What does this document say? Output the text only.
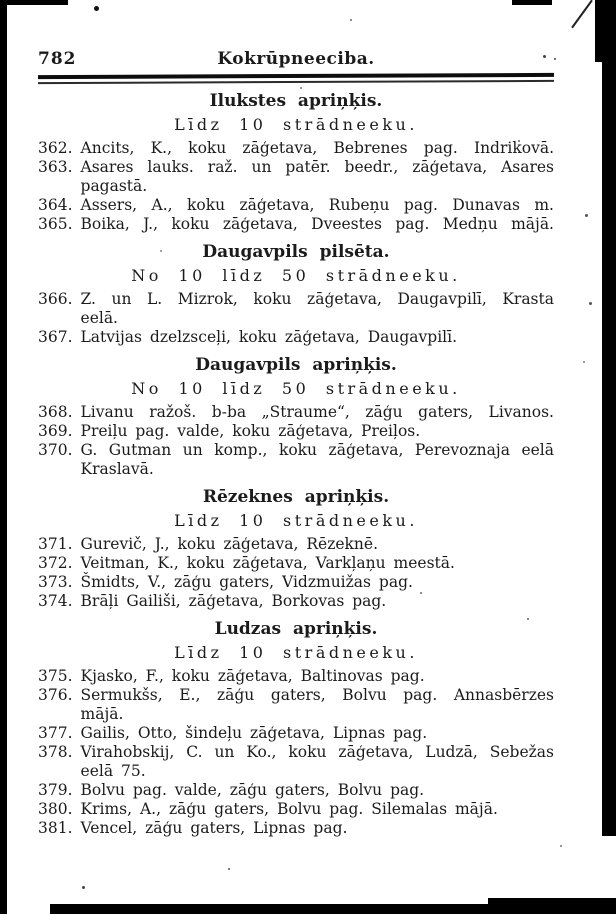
782	Kokrūpneeciba.
Ilukstes apriņķis.
Līdz 10 strādneeku.
362. Ancits, K., koku zāģetava, Bebrenes pag. Indrikovā.
363. Asares lauks. raž. un patēr. beedr., zāģetava, Asares
pagastā.
364. Assers, A., koku zāģetava, Rubeņu pag. Dunavas m.
365. Boika, J., koku zāģetava, Dveestes pag. Medņu mājā.
Daugavpils pilsēta.
No 10 līdz 50 strādneeku.
366. Z. un L. Mizrok, koku zāģetava, Daugavpilī, Krasta
eelā.
367. Latvijas dzelzsceļi, koku zāģetava, Daugavpilī.
Daugavpils apriņķis.
No 10 līdz 50 strādneeku.
368. Livanu ražoš. b-ba „Straume“, zāģu gaters, Livanos.
369. Preiļu pag. valde, koku zāģetava, Preiļos.
370. G. Gutman un komp., koku zāģetava, Perevoznaja eelā
Kraslavā.
Rēzeknes apriņķis.
Līdz 10 strādneeku.
371. Gurevič, J., koku zāģetava, Rēzeknē.
372. Veitman, K., koku zāģetava, Varkļaņu meestā.
373. Šmidts, V., zāģu gaters, Vidzmuižas pag.
374. Brāļi Gailiši, zāģetava, Borkovas pag.
Ludzas apriņķis.
Līdz 10 strādneeku.
375. Kjasko, F., koku zāģetava, Baltinovas pag.
376. Sermukšs, E., zāģu gaters, Bolvu pag. Annasbērzes
mājā.
377. Gailis, Otto, šindeļu zāģetava, Lipnas pag.
378. Virahobskij, C. un Ko., koku zāģetava, Ludzā, Sebežas
eelā 75.
379. Bolvu pag. valde, zāģu gaters, Bolvu pag.
380. Krims, A., zāģu gaters, Bolvu pag. Silemalas mājā.
381. Vencel, zāģu gaters, Lipnas pag.
